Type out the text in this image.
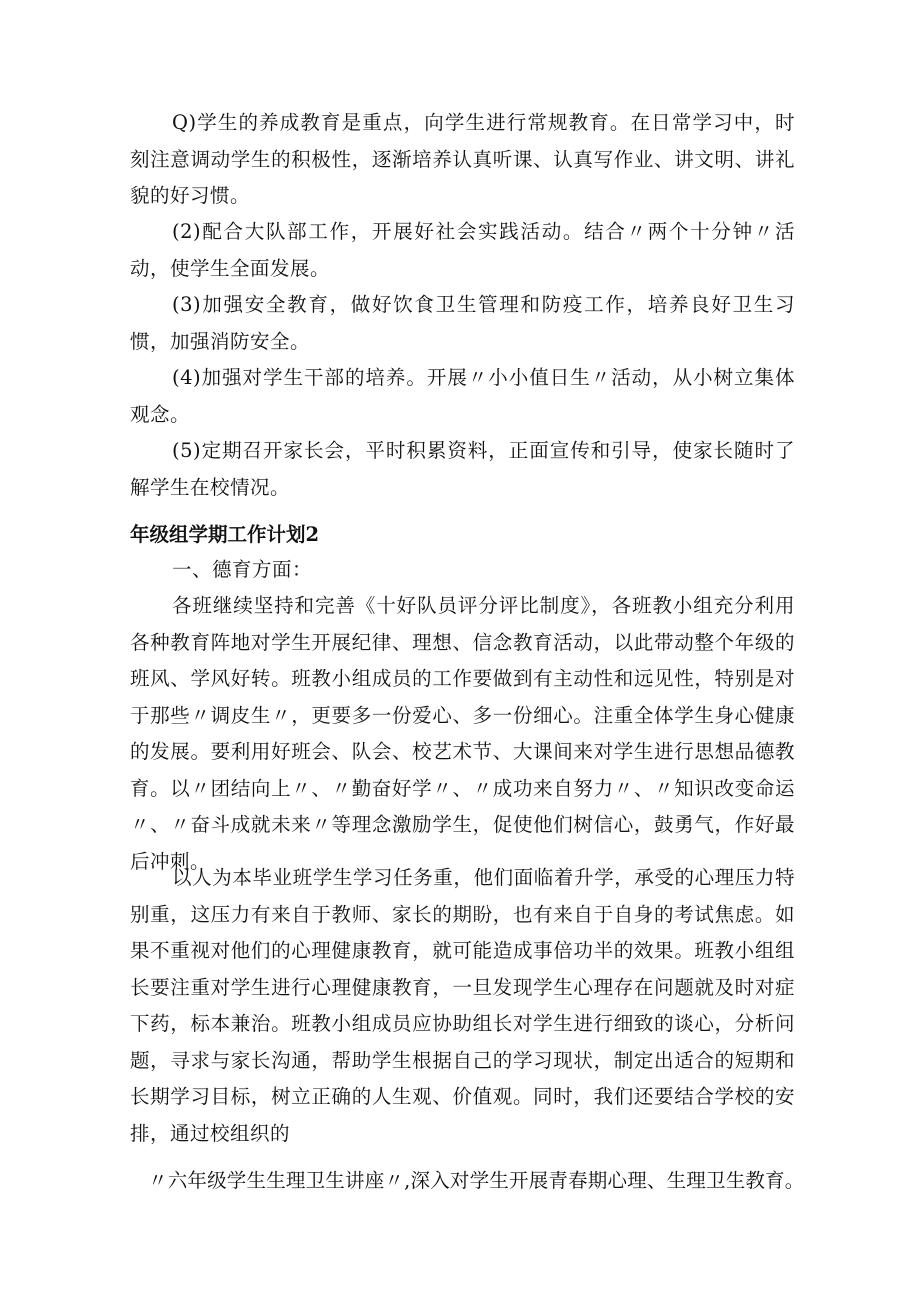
Q)学生的养成教育是重点，向学生进行常规教育。在日常学习中，时刻注意调动学生的积极性，逐渐培养认真听课、认真写作业、讲文明、讲礼貌的好习惯。

(2)配合大队部工作，开展好社会实践活动。结合〃两个十分钟〃活动，使学生全面发展。

(3)加强安全教育，做好饮食卫生管理和防疫工作，培养良好卫生习惯，加强消防安全。

(4)加强对学生干部的培养。开展〃小小值日生〃活动，从小树立集体观念。

(5)定期召开家长会，平时积累资料，正面宣传和引导，使家长随时了解学生在校情况。

年级组学期工作计划2

一、德育方面：

各班继续坚持和完善《十好队员评分评比制度》，各班教小组充分利用各种教育阵地对学生开展纪律、理想、信念教育活动，以此带动整个年级的班风、学风好转。班教小组成员的工作要做到有主动性和远见性，特别是对于那些〃调皮生〃，更要多一份爱心、多一份细心。注重全体学生身心健康的发展。要利用好班会、队会、校艺术节、大课间来对学生进行思想品德教育。以〃团结向上〃、〃勤奋好学〃、〃成功来自努力〃、〃知识改变命运〃、〃奋斗成就未来〃等理念激励学生，促使他们树信心，鼓勇气，作好最后冲刺。

以人为本毕业班学生学习任务重，他们面临着升学，承受的心理压力特别重，这压力有来自于教师、家长的期盼，也有来自于自身的考试焦虑。如果不重视对他们的心理健康教育，就可能造成事倍功半的效果。班教小组组长要注重对学生进行心理健康教育，一旦发现学生心理存在问题就及时对症下药，标本兼治。班教小组成员应协助组长对学生进行细致的谈心，分析问题，寻求与家长沟通，帮助学生根据自己的学习现状，制定出适合的短期和长期学习目标，树立正确的人生观、价值观。同时，我们还要结合学校的安排，通过校组织的

〃六年级学生生理卫生讲座〃,深入对学生开展青春期心理、生理卫生教育。
